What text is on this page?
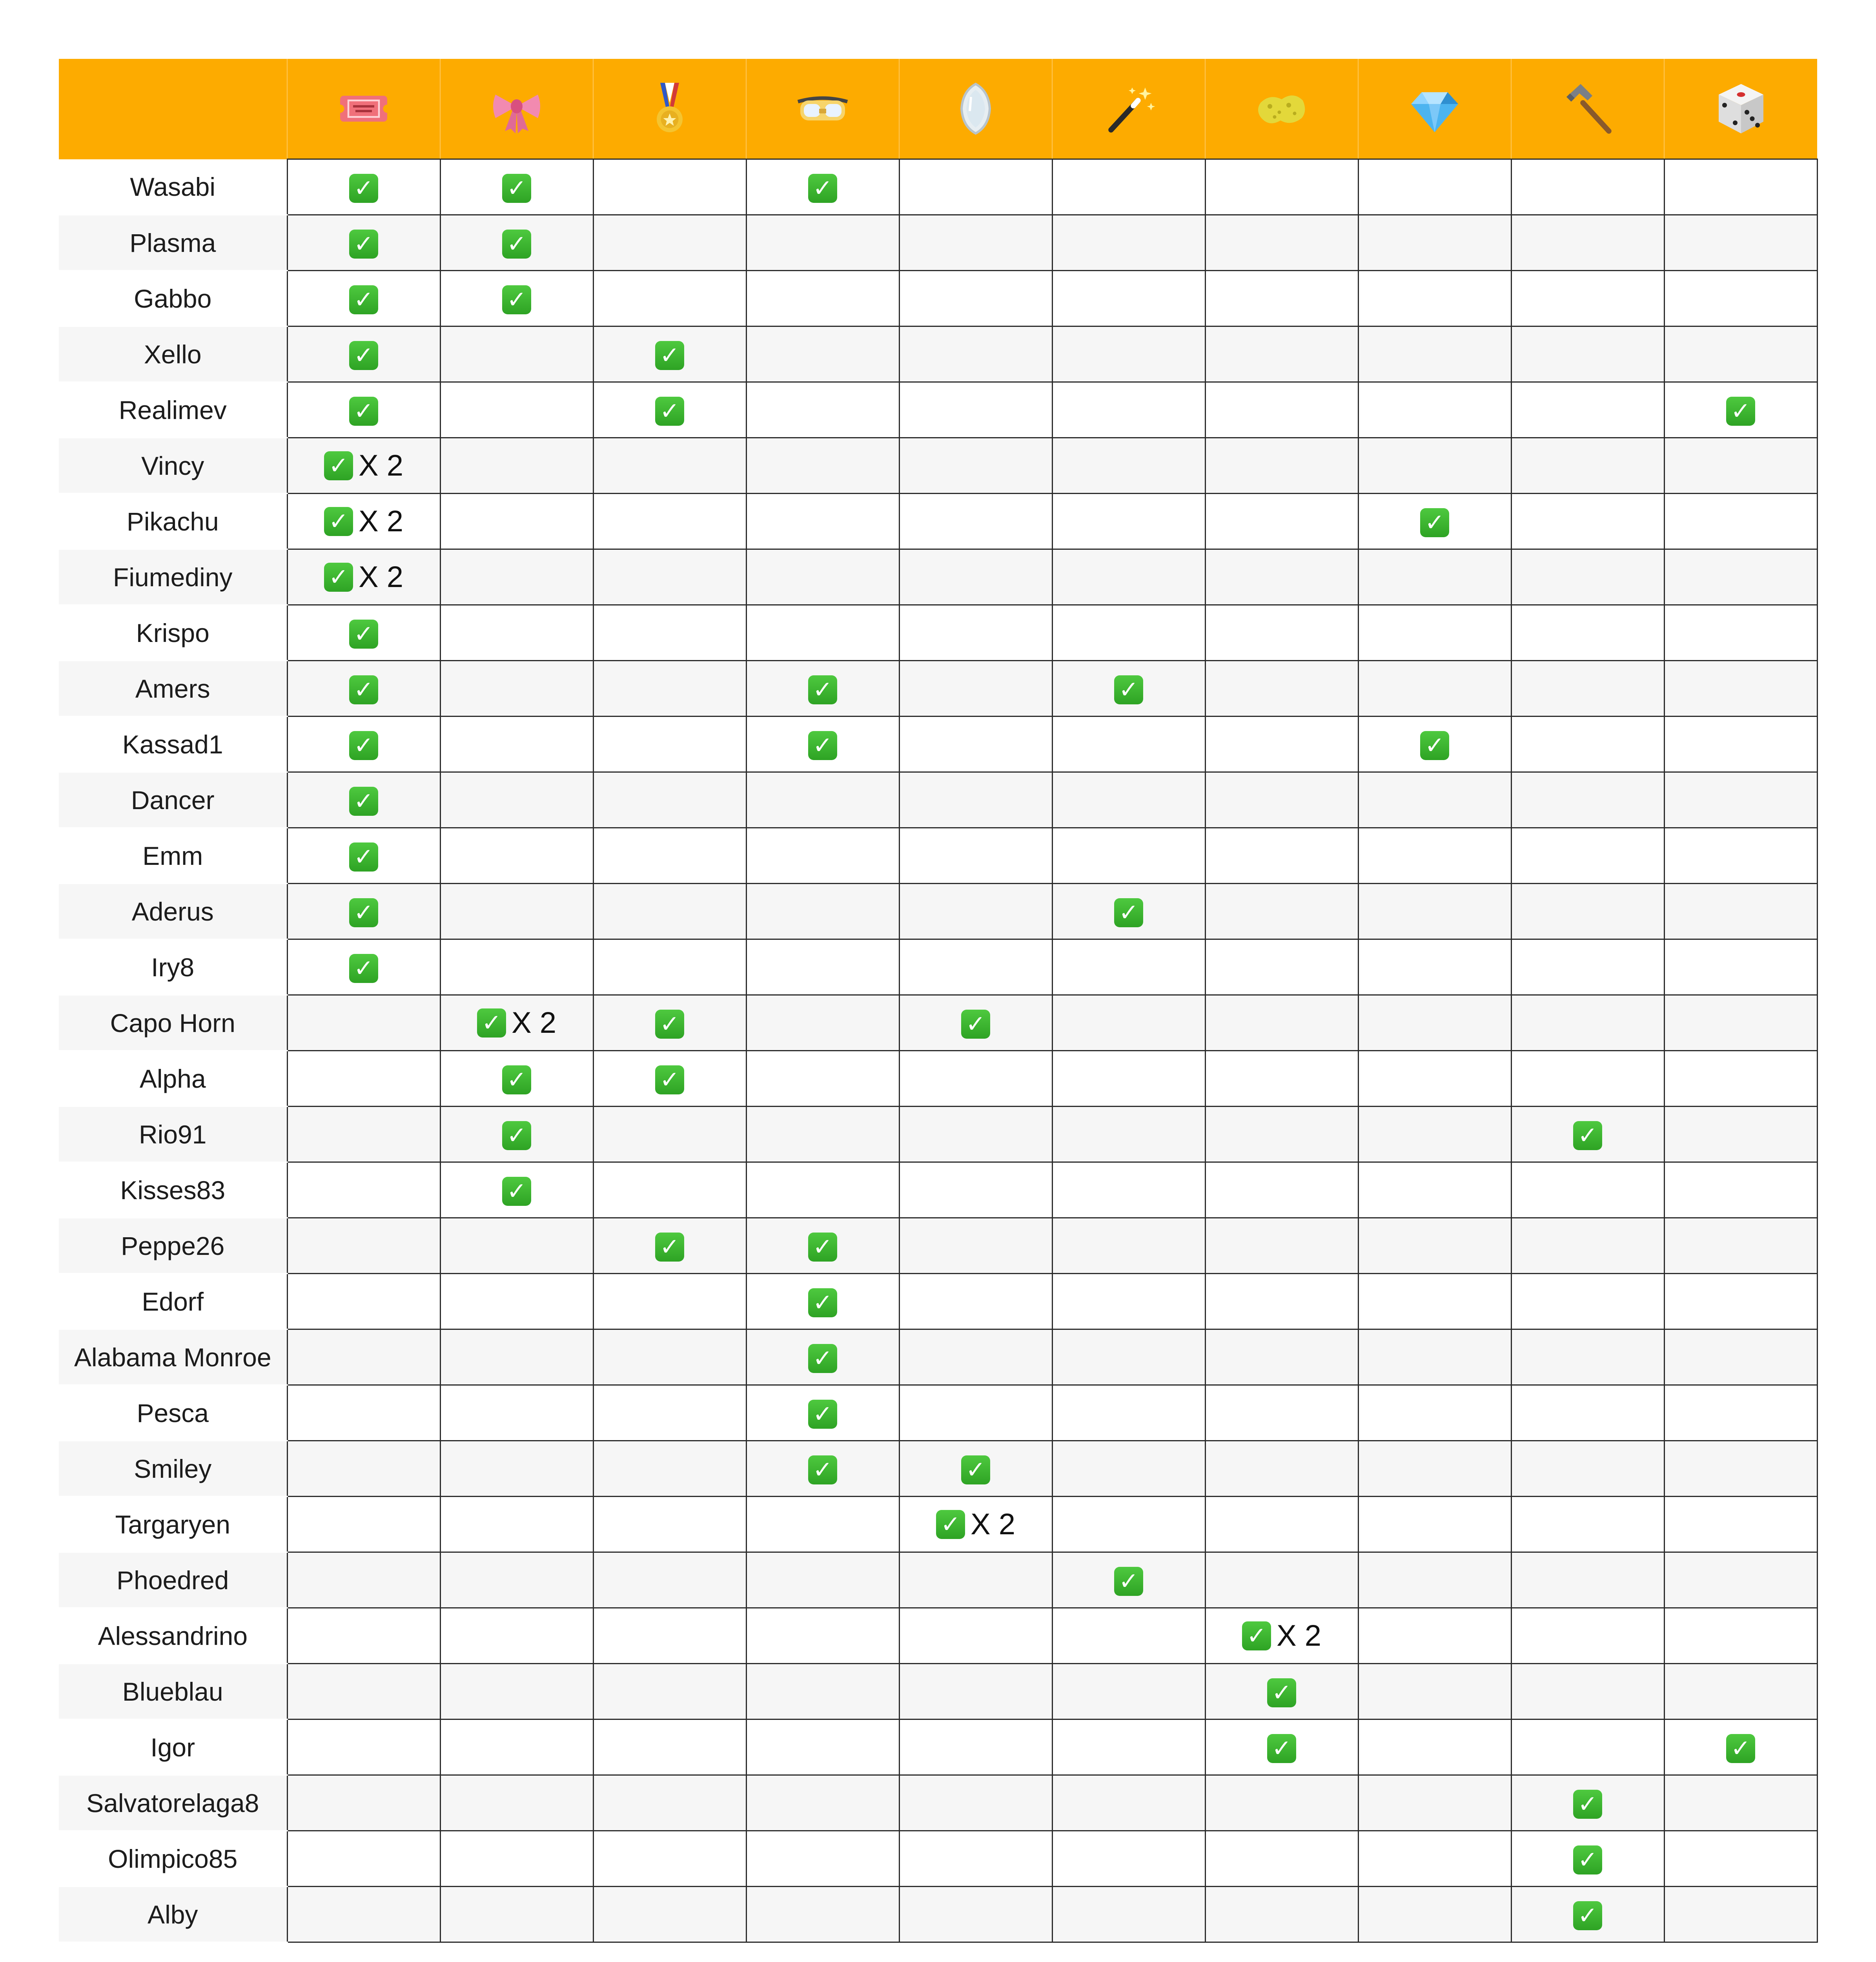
Wasabi	✓	✓		✓						
Plasma	✓	✓								
Gabbo	✓	✓								
Xello	✓		✓							
Realimev	✓		✓							✓
Vincy	✓ X 2									
Pikachu	✓ X 2							✓		
Fiumediny	✓ X 2									
Krispo	✓									
Amers	✓			✓		✓				
Kassad1	✓			✓				✓		
Dancer	✓									
Emm	✓									
Aderus	✓					✓				
Iry8	✓									
Capo Horn		✓ X 2	✓		✓					
Alpha		✓	✓							
Rio91		✓							✓	
Kisses83		✓								
Peppe26			✓	✓						
Edorf				✓						
Alabama Monroe				✓						
Pesca				✓						
Smiley				✓	✓					
Targaryen					✓ X 2					
Phoedred						✓				
Alessandrino							✓ X 2			
Blueblau							✓			
Igor							✓			✓
Salvatorelaga8									✓	
Olimpico85									✓	
Alby									✓	
